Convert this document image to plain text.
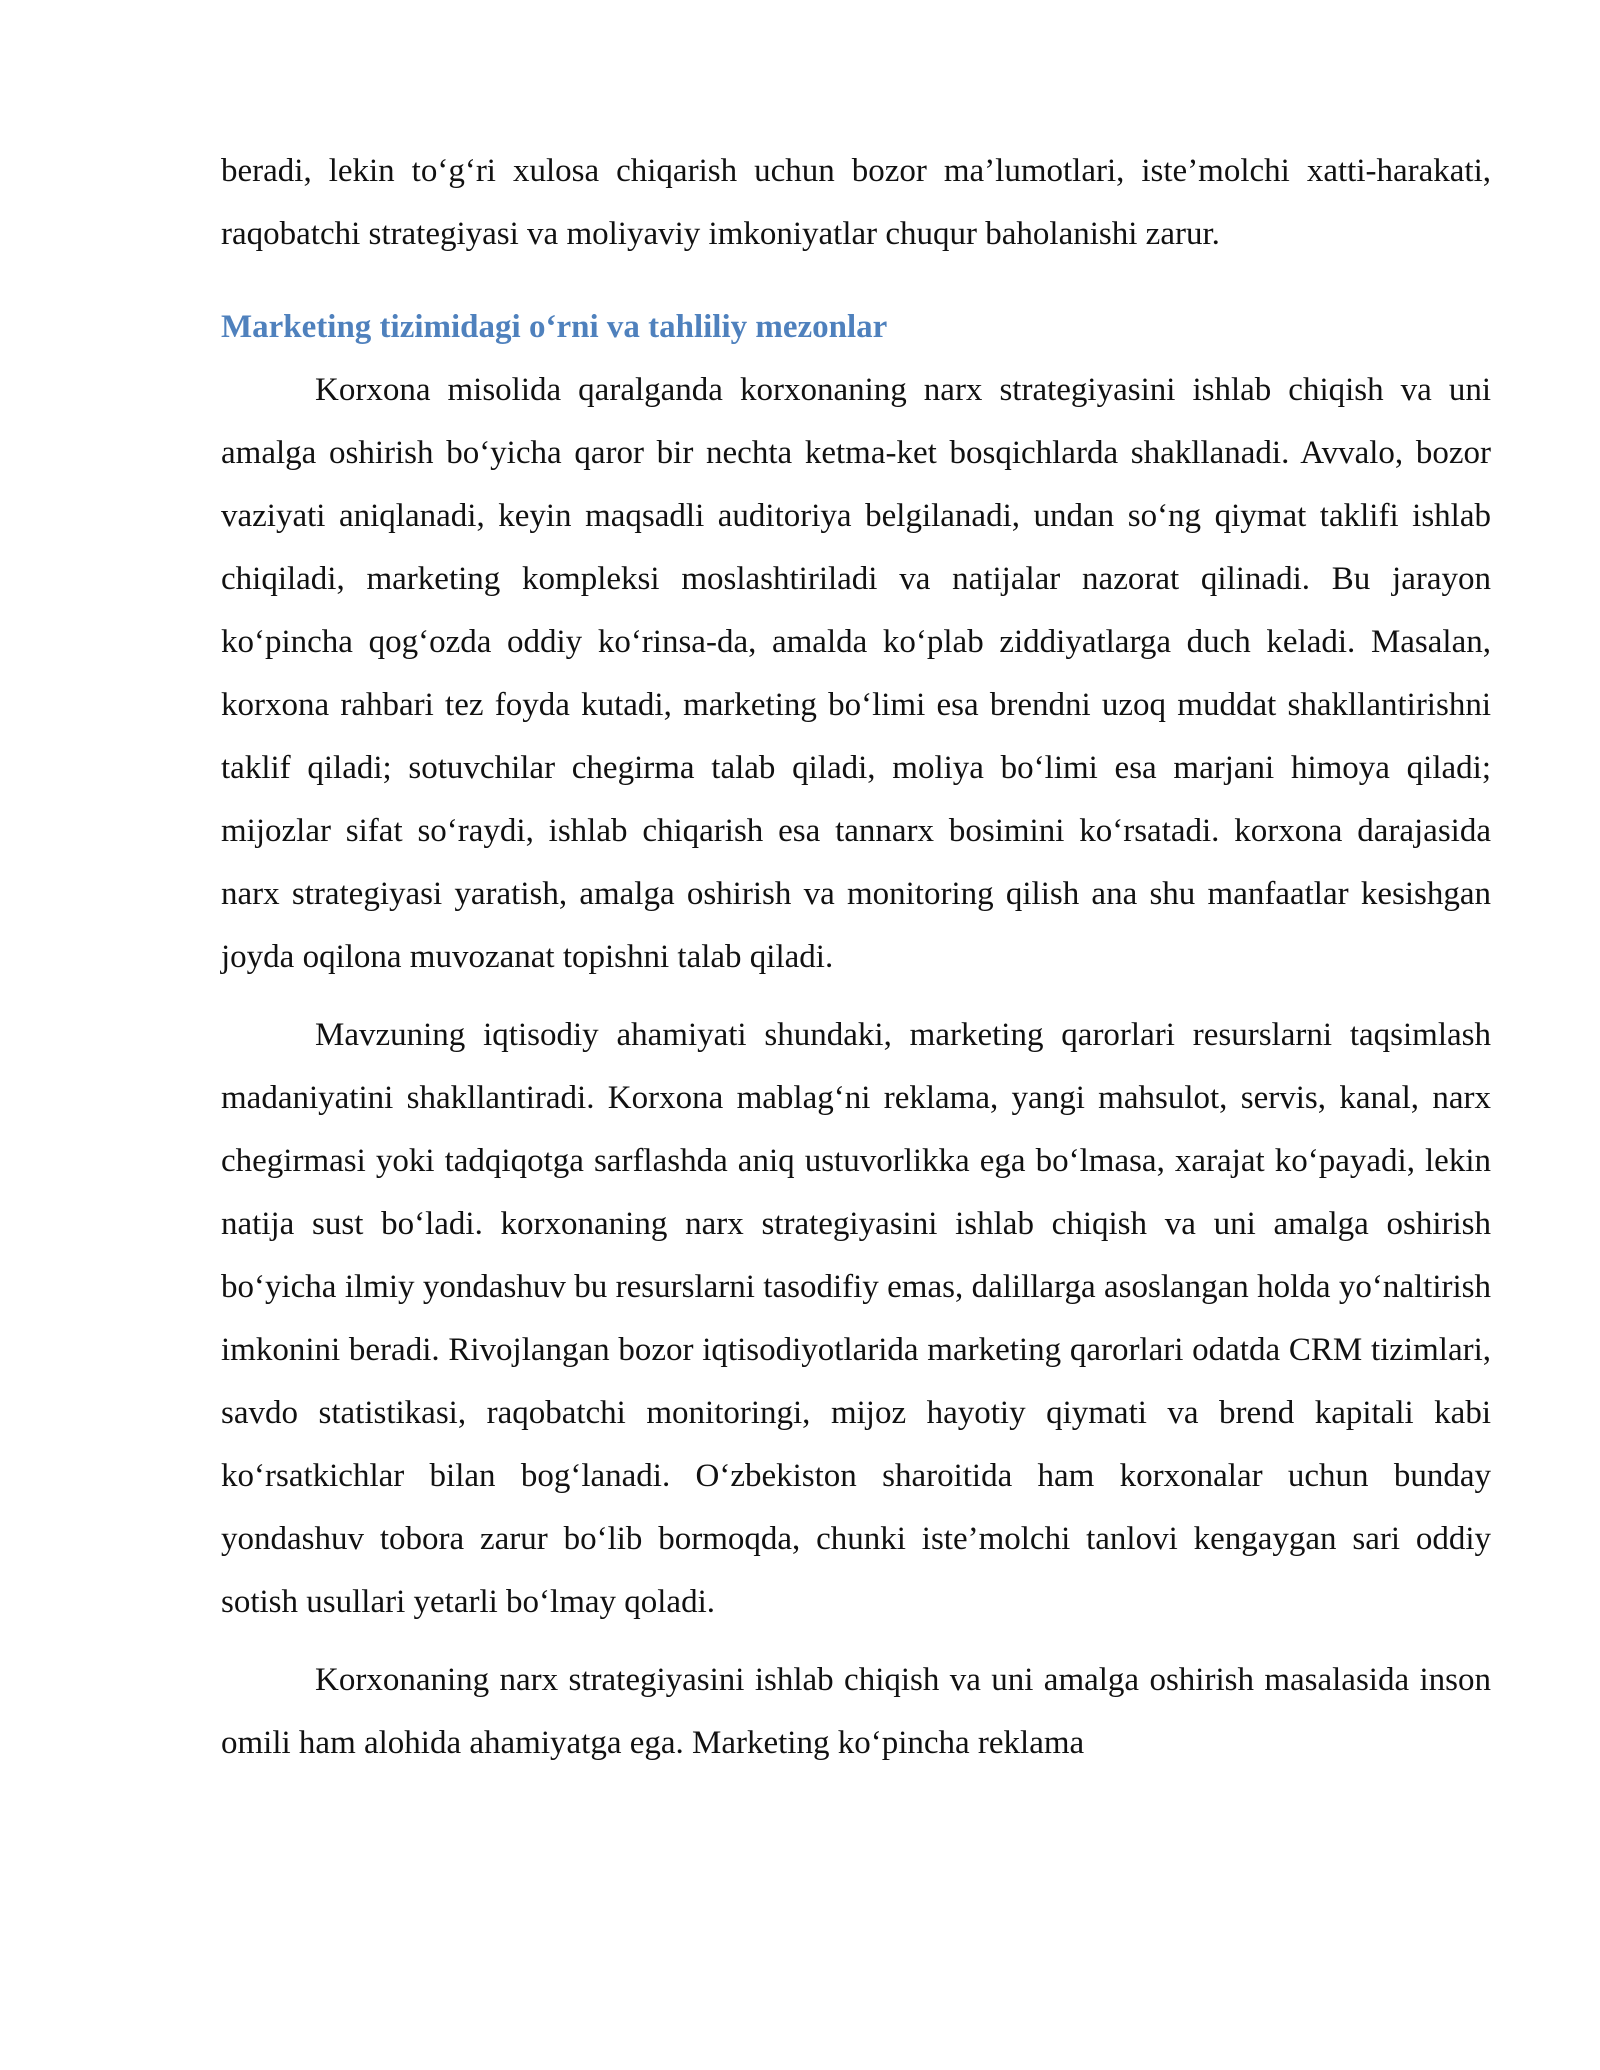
beradi, lekin to‘g‘ri xulosa chiqarish uchun bozor ma’lumotlari, iste’molchi xatti-harakati, raqobatchi strategiyasi va moliyaviy imkoniyatlar chuqur baholanishi zarur.

Marketing tizimidagi o‘rni va tahliliy mezonlar

Korxona misolida qaralganda korxonaning narx strategiyasini ishlab chiqish va uni amalga oshirish bo‘yicha qaror bir nechta ketma-ket bosqichlarda shakllanadi. Avvalo, bozor vaziyati aniqlanadi, keyin maqsadli auditoriya belgilanadi, undan so‘ng qiymat taklifi ishlab chiqiladi, marketing kompleksi moslashtiriladi va natijalar nazorat qilinadi. Bu jarayon ko‘pincha qog‘ozda oddiy ko‘rinsa-da, amalda ko‘plab ziddiyatlarga duch keladi. Masalan, korxona rahbari tez foyda kutadi, marketing bo‘limi esa brendni uzoq muddat shakllantirishni taklif qiladi; sotuvchilar chegirma talab qiladi, moliya bo‘limi esa marjani himoya qiladi; mijozlar sifat so‘raydi, ishlab chiqarish esa tannarx bosimini ko‘rsatadi. korxona darajasida narx strategiyasi yaratish, amalga oshirish va monitoring qilish ana shu manfaatlar kesishgan joyda oqilona muvozanat topishni talab qiladi.

Mavzuning iqtisodiy ahamiyati shundaki, marketing qarorlari resurslarni taqsimlash madaniyatini shakllantiradi. Korxona mablag‘ni reklama, yangi mahsulot, servis, kanal, narx chegirmasi yoki tadqiqotga sarflashda aniq ustuvorlikka ega bo‘lmasa, xarajat ko‘payadi, lekin natija sust bo‘ladi. korxonaning narx strategiyasini ishlab chiqish va uni amalga oshirish bo‘yicha ilmiy yondashuv bu resurslarni tasodifiy emas, dalillarga asoslangan holda yo‘naltirish imkonini beradi. Rivojlangan bozor iqtisodiyotlarida marketing qarorlari odatda CRM tizimlari, savdo statistikasi, raqobatchi monitoringi, mijoz hayotiy qiymati va brend kapitali kabi ko‘rsatkichlar bilan bog‘lanadi. O‘zbekiston sharoitida ham korxonalar uchun bunday yondashuv tobora zarur bo‘lib bormoqda, chunki iste’molchi tanlovi kengaygan sari oddiy sotish usullari yetarli bo‘lmay qoladi.

Korxonaning narx strategiyasini ishlab chiqish va uni amalga oshirish masalasida inson omili ham alohida ahamiyatga ega. Marketing ko‘pincha reklama
